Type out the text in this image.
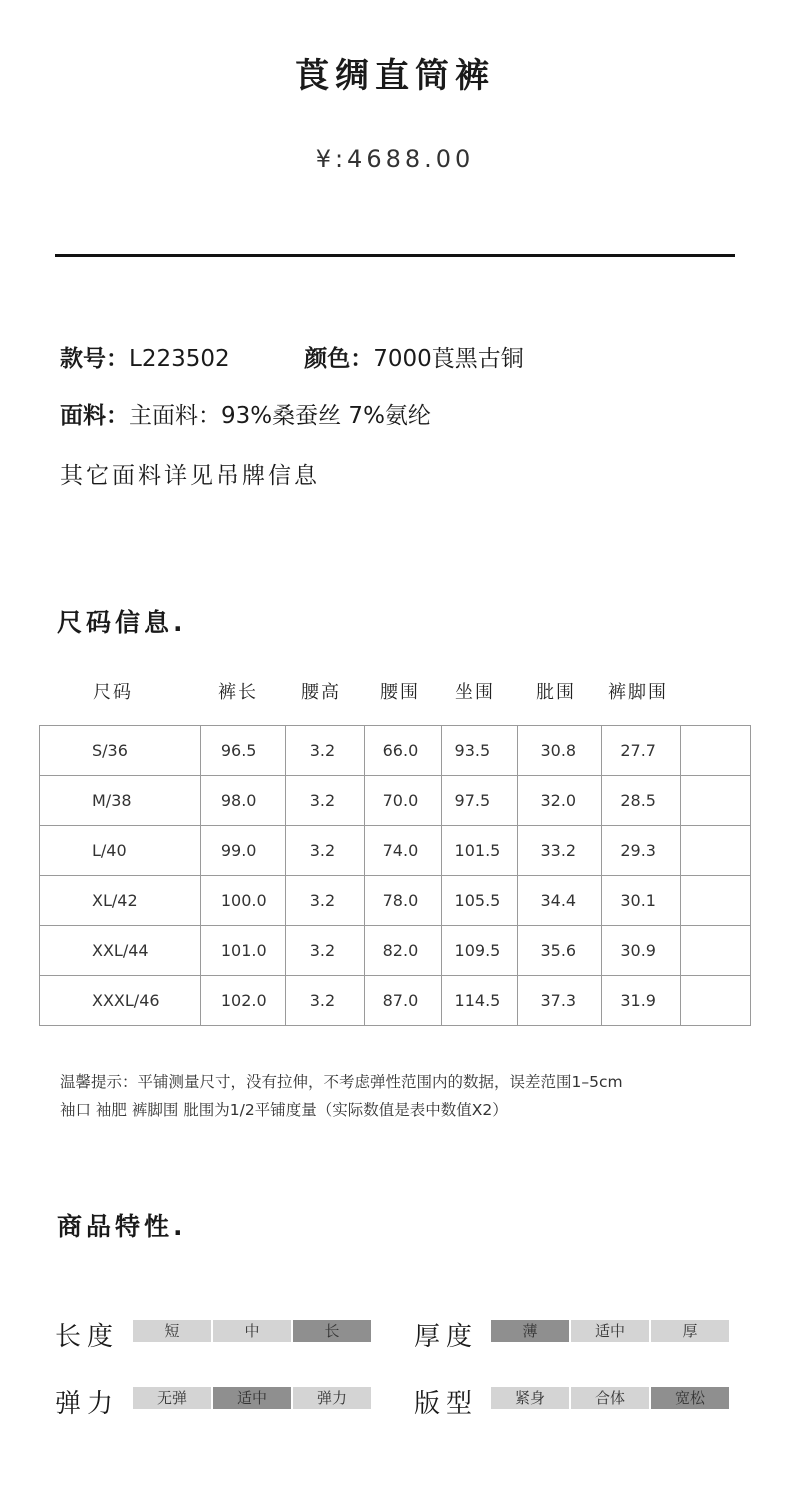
莨绸直筒裤
¥:4688.00
款号：L223502	颜色：7000莨黑古铜
面料：主面料：93%桑蚕丝 7%氨纶
其它面料详见吊牌信息
尺码信息.
尺码	裤长 腰高 腰围 坐围 肶围 裤脚围
S/36	96.5	3.2	66.0	93.5	30.8	27.7	
M/38	98.0	3.2	70.0	97.5	32.0	28.5	
L/40	99.0	3.2	74.0	101.5	33.2	29.3	
XL/42	100.0	3.2	78.0	105.5	34.4	30.1	
XXL/44	101.0	3.2	82.0	109.5	35.6	30.9	
XXXL/46	102.0	3.2	87.0	114.5	37.3	31.9	
温馨提示：平铺测量尺寸，没有拉伸，不考虑弹性范围内的数据，误差范围1–5cm
袖口 袖肥 裤脚围 肶围为1/2平铺度量（实际数值是表中数值X2）
商品特性.
长度	短	中	长	厚度	薄	适中	厚
弹力	无弹	适中	弹力	版型	紧身	合体	宽松
